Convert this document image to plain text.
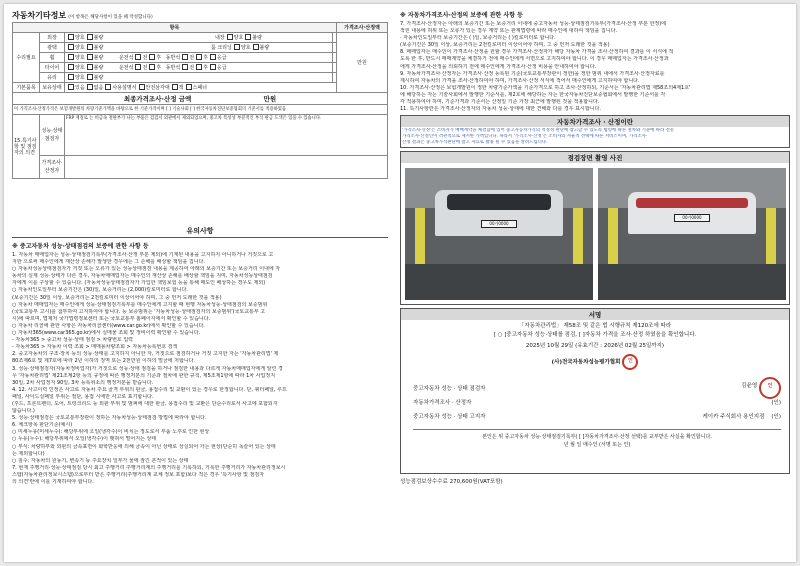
자동차기타정보 (이 항목은 해당사항이 있을 때 작성합니다)
항목				가격조사·산정액
수리필요	외장	양호 불량 내장 양호 불량		만원
	광택	양호 불량 룸 크리닝 양호 불량		
	휠	양호 불량 운전석 전 후 동반석 전 후 응급		
	타이어	양호 불량 운전석 전 후 동반석 전 후 응급		
	유리	양호 불량		
기본품목	보유상태	있음 없음 사용설명서 안전삼각대 잭 스패너		
최종가격조사·산정 금액 만원				
이 가격조사·산정가격은 보험개발원의 차량기준가액을 바탕으로 한 기준가격이며 [ ] 기술사회 [ ] 한국자동차진단보증협회의 기준서를 적용하였음				
15.특기사항 및 점검자의 의견	성능·상태 점검자	FRP 재질로 는 비금속 철판부가 나는 부품은 검검서 외관에서 제외되었으며, 중고차 특성상 부분적인 부식 판금 도색은 있을 수 있습니다.		
	가격조사·산정자			
유의사항
※ 중고자동차 성능·상태점검의 보증에 관한 사항 등

1. 자동차 매매업자는 성능·상태점검기록부(가격조사·산정 부분 제외)에 기재된 내용을 고지하지 아니하거나 거짓으로 고

지한 으로써 매수인에게 재산상 손해가 발생한 경우에는 그 손해를 배상할 책임을 집니다.

○ 자동차성능상태점검자가 거짓 또는 오류가 있는 성능상태점검 내용을 제공하여 아래의 보증기간 또는 보증거리 이내에 자

동차의 실제 성능·상태가 다른 경우, 자동차매매업자는 매수인의 재산상 손해를 배상할 책임을 지며, 자동차성능상태점검

자에게 이를 구상할 수 있습니다. (자동차성능상태점검자가 가입한 책임보험 등을 통해 매도인 배상하는 경우도 제외)

○ 자동차인도일부터 보증기간은 (30)일, 보증거리는 (2,000)킬로미터로 합니다.

(보증기간은 30일 이상, 보증거리는 2천킬로미터 이상이어야 하며, 그 중 먼저 도래한 것을 적용)

○ 자동차 매매업자는 매수인에게 성능·상태점검기록부를 매수인에게 고지할 때 현행 자동차성능·상태점검의 보증범위

(국토교통부 고시)를 첨부하여 고지하여야 합니다. 등 보증범위는 '자동차성능·상태점검자의 보증범위'(국토교통부 고

시)에 따르며, 법제처 국가법령정보센터 또는 국토교통부 홈페이지에서 확인할 수 있습니다.

○ 자동차 리콜에 관한 사항은 자동차리콜센터(www.car.go.kr)에서 확인할 수 있습니다.

○ 자동차365(www.car365.go.kr)에서 실매물 조회 및 정비이력 확인할 수 있습니다.

- 자동차365 > 중고차 성능·상태 점검 > 차량번호 입력

- 자동차365 > 자동차 이력 조회 > 매매용차량조회 > 자동차등록번호 검색

2. 중고자동차의 구조·장치 등의 성능·상태를 고지하지 아니한 자, 거짓으로 점검하거나 거짓 고지한 자는 '자동차관리법' 제

80조제6호 및 제7호에 따라 2년 이하의 징역 또는 2천만원 이하의 벌금에 처합니다.

3. 성능·상태점검자(자동차정비업자)가 거짓으로 성능·상태 점검을 하거나 점검한 내용과 다르게 자동차매매업자에게 알린 경

우 '자동차관리법' 제21조제2항 등의 규정에 따른 행정처분의 기준과 절차에 관한 규칙, 제5조제1항에 따라 1차 사업정지

30일, 2차 사업정지 90일, 3차 등록취소의 행정처분을 받습니다.

4. 12. 사고이력 인정은 사고로 자동차 주요 골격 부위의 판금, 용접수리 및 교환이 있는 경우로 한정합니다. 단, 쿼터패널, 루프

패널, 사이드실패널 부위는 절단, 용접 시에만 사고로 표기합니다.

(후드, 프론트펜더, 도어, 트렁크리드 등 외판 부위 및 범퍼에 대한 판금, 용접수리 및 교환은 단순수리로서 사고에 포함되지

않습니다.)

5. 성능·상태점검은 국토교통부장관이 정하는 자동차성능·상태점검 방법에 따라야 합니다.

6. 체크항목 판단기준(예시)

○ 미세누유(미세누수): 해당부위에 오일(냉각수)이 비치는 정도로서 부품 노후로 인한 현상

○ 누유(누수): 해당부위에서 오일(냉각수)이 맺혀서 떨어지는 상태

○ 부식: 차량하부와 외판의 금속표면이 화학반응에 의해 금속이 아닌 상태로 상실되어 가는 현상(단순히 녹슬어 있는 상태

는 제외합니다)

○ 침수: 자동차의 원동기, 변속기 등 주요장치 일부가 물에 잠긴 흔적이 있는 상태

7. 현재 주행거리·성능·상태점검 당시 최고 주행거리 주행거리계의 주행거리를 기록하되, 기록한 주행거리가 자동차관리정보시

스템(자동차관리정보시스템)으로부터 받은 주행거리(주행거리계 교체 정보 포함)보다 적은 경우 '특기사항 및 점검자

의 의견'란에 이를 기재하여야 합니다.

※ 자동차가격조사·산정의 보증에 관한 사항 등

7. 가격조사·산정자는 아래의 보증기간 또는 보증거리 이내에 중고자동차 성능·상태점검기록부(가격조사·산정 부분 한정)에

적힌 내용에 허위 또는 오류가 있는 경우 계약 또는 관계법령에 따라 매수인에 대하여 책임을 집니다.

· 자동차인도일부터 보증기간은 ( )일, 보증거리는 ( )킬로미터로 합니다.

(보증기간은 30일 이상, 보증거리는 2천킬로미터 이상이어야 하며, 그 중 먼저 도래한 것을 적용)

8. 매매업자는 매수인이 가격조사·산정을 원할 경우 가격조사·산정자가 해당 자동차 가격을 조사·산정하여 결과를 이 서식에 적

도록 한 후, 반드시 매매계약을 체결하기 전에 매수인에게 서면으로 고지하여야 합니다. 이 경우 매매업자는 가격조사·산정과

에게 가격조사·산정을 의뢰하기 전에 매수인에게 가격조사·산정 비용을 안내하여야 합니다.

9. 자동차가격조사·산정자는 가격조사·산정 등록된 기준(국토교통부장관이 정한)을 정한 범위 내에서 가격조사·산정자료를

제시하여 자동차의 가격을 조사·산정하여야 하며, 가격조사·산정 서식에 적어서 매수인에게 고지하여야 합니다.

10. 가격조사·산정은 보험개발원이 정한 차량기준가액을 기준가격으로 하고 조사·산정하되, 기준서는 '자동차관리법 제58조의4제1호'

에 해당하는 자는 기술사회에서 발행한 기준서를, 제2호에 해당하는 자는 한국자동차진단보증협회에서 발행한 기준서를 각

각 적용하여야 하며, 기준가격과 기준서는 산정일 기준 가장 최근에 발행된 것을 적용합니다.

11. 특기사항란은 가격조사·산정자의 자동차 성능·상태에 대한 견해와 다를 경우 표시합니다.

자동차가격조사 · 산정이란

'가격조사·산정'은 소비자가 매매계약을 체결함에 있어 중고자동차가격의 적정성 판단에 참고할 수 있도록 법령에 따른 절차와 기준에 따라 전문

가격조사·산정인이 객관적으로 제시한 가액입니다. 따라서 '가격조사·산정'은 소비자의 자율적 선택에 따른 서비스이며, 가격조사·

산정 결과는 중고차가격판단에 참고 자료로 활용 될 수 있음을 알려드립니다.

점검장면 촬영 사진
00가0000
00가0000
서명
「자동차관리법」 제58조 및 같은 법 시행규칙 제120조에 따라
[ ○ ]중고자동차 성능·상태를 점검, [ ]자동차 가격을 조사·산정 하였음을 확인합니다.
2025년 10월 29일 (유효기간 : 2026년 02월 25일까지)
(사)전국자동차성능평가협회 인
중고자동차 성능 · 상태 점검자	김윤영 인
자동차가격조사 · 산정자	(인)
중고자동차 성능 · 상태 고지자	케이카 주식회사 용인지점 (인)
본인은 위 중고자동차 성능·상태점검기록부( [ ]자동차가격조사·산정 선택)를 교부받은 사실을 확인합니다.
년 월 일 매수인 (서명 또는 인)
성능점검보상수수료 270,600원(VAT포함)
